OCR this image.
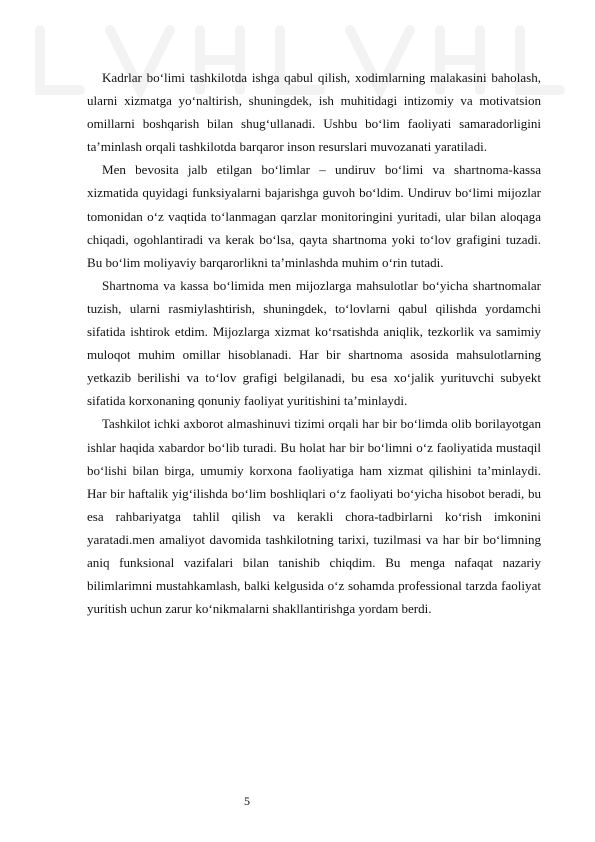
Kadrlar bo‘limi tashkilotda ishga qabul qilish, xodimlarning malakasini baholash, ularni xizmatga yo‘naltirish, shuningdek, ish muhitidagi intizomiy va motivatsion omillarni boshqarish bilan shug‘ullanadi. Ushbu bo‘lim faoliyati samaradorligini ta’minlash orqali tashkilotda barqaror inson resurslari muvozanati yaratiladi.

Men bevosita jalb etilgan bo‘limlar – undiruv bo‘limi va shartnoma-kassa xizmatida quyidagi funksiyalarni bajarishga guvoh bo‘ldim. Undiruv bo‘limi mijozlar tomonidan o‘z vaqtida to‘lanmagan qarzlar monitoringini yuritadi, ular bilan aloqaga chiqadi, ogohlantiradi va kerak bo‘lsa, qayta shartnoma yoki to‘lov grafigini tuzadi. Bu bo‘lim moliyaviy barqarorlikni ta’minlashda muhim o‘rin tutadi.

Shartnoma va kassa bo‘limida men mijozlarga mahsulotlar bo‘yicha shartnomalar tuzish, ularni rasmiylashtirish, shuningdek, to‘lovlarni qabul qilishda yordamchi sifatida ishtirok etdim. Mijozlarga xizmat ko‘rsatishda aniqlik, tezkorlik va samimiy muloqot muhim omillar hisoblanadi. Har bir shartnoma asosida mahsulotlarning yetkazib berilishi va to‘lov grafigi belgilanadi, bu esa xo‘jalik yurituvchi subyekt sifatida korxonaning qonuniy faoliyat yuritishini ta’minlaydi.

Tashkilot ichki axborot almashinuvi tizimi orqali har bir bo‘limda olib borilayotgan ishlar haqida xabardor bo‘lib turadi. Bu holat har bir bo‘limni o‘z faoliyatida mustaqil bo‘lishi bilan birga, umumiy korxona faoliyatiga ham xizmat qilishini ta’minlaydi. Har bir haftalik yig‘ilishda bo‘lim boshliqlari o‘z faoliyati bo‘yicha hisobot beradi, bu esa rahbariyatga tahlil qilish va kerakli chora-tadbirlarni ko‘rish imkonini yaratadi.men amaliyot davomida tashkilotning tarixi, tuzilmasi va har bir bo‘limning aniq funksional vazifalari bilan tanishib chiqdim. Bu menga nafaqat nazariy bilimlarimni mustahkamlash, balki kelgusida o‘z sohamda professional tarzda faoliyat yuritish uchun zarur ko‘nikmalarni shakllantirishga yordam berdi.

5
